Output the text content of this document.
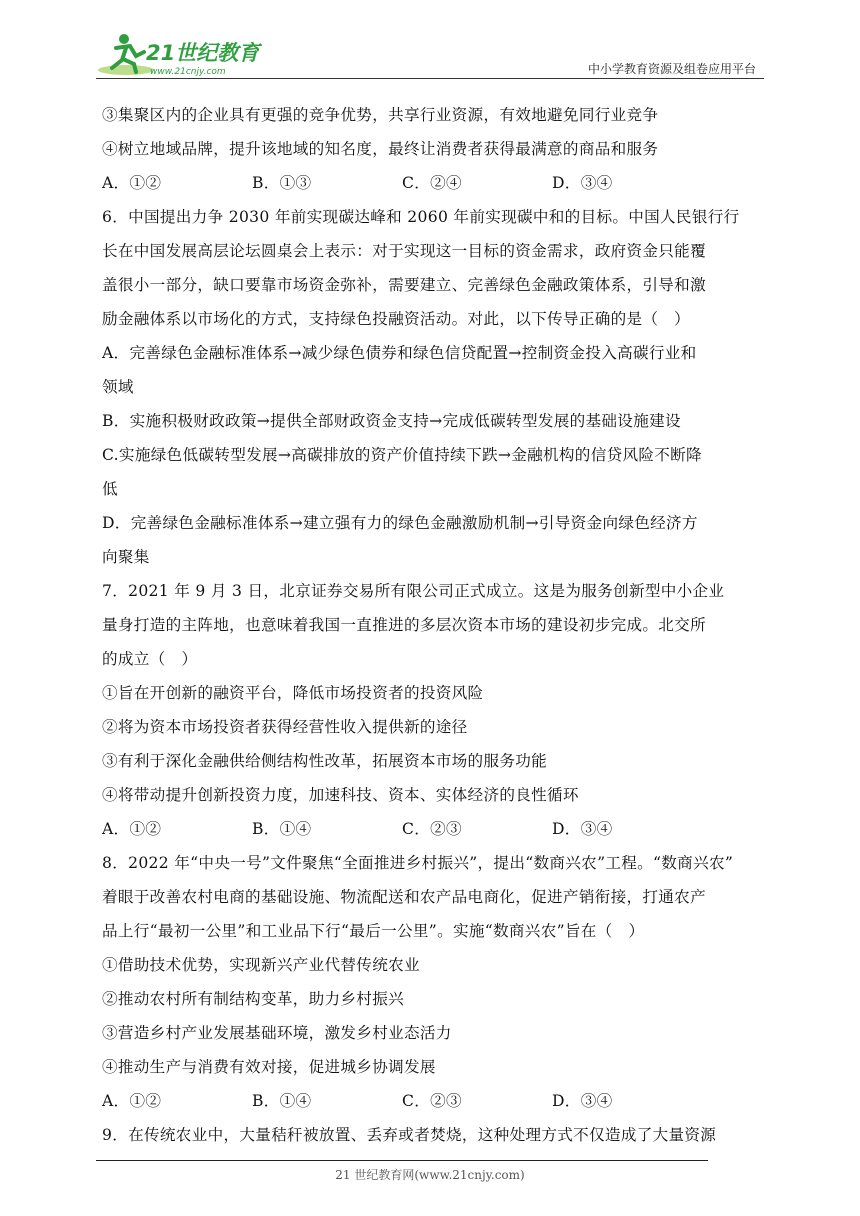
21世纪教育
www.21cnjy.com	中小学教育资源及组卷应用平台
③集聚区内的企业具有更强的竞争优势，共享行业资源，有效地避免同行业竞争
④树立地域品牌，提升该地域的知名度，最终让消费者获得最满意的商品和服务
A．①②	B．①③	C．②④	D．③④
6．中国提出力争 2030 年前实现碳达峰和 2060 年前实现碳中和的目标。中国人民银行行
长在中国发展高层论坛圆桌会上表示：对于实现这一目标的资金需求，政府资金只能覆
盖很小一部分，缺口要靠市场资金弥补，需要建立、完善绿色金融政策体系，引导和激
励金融体系以市场化的方式，支持绿色投融资活动。对此，以下传导正确的是（　）
A．完善绿色金融标准体系→减少绿色债券和绿色信贷配置→控制资金投入高碳行业和
领域
B．实施积极财政政策→提供全部财政资金支持→完成低碳转型发展的基础设施建设
C.实施绿色低碳转型发展→高碳排放的资产价值持续下跌→金融机构的信贷风险不断降
低
D．完善绿色金融标准体系→建立强有力的绿色金融激励机制→引导资金向绿色经济方
向聚集
7．2021 年 9 月 3 日，北京证券交易所有限公司正式成立。这是为服务创新型中小企业
量身打造的主阵地，也意味着我国一直推进的多层次资本市场的建设初步完成。北交所
的成立（　）
①旨在开创新的融资平台，降低市场投资者的投资风险
②将为资本市场投资者获得经营性收入提供新的途径
③有利于深化金融供给侧结构性改革，拓展资本市场的服务功能
④将带动提升创新投资力度，加速科技、资本、实体经济的良性循环
A．①②	B．①④	C．②③	D．③④
8．2022 年“中央一号”文件聚焦“全面推进乡村振兴”，提出“数商兴农”工程。“数商兴农”
着眼于改善农村电商的基础设施、物流配送和农产品电商化，促进产销衔接，打通农产
品上行“最初一公里”和工业品下行“最后一公里”。实施“数商兴农”旨在（　）
①借助技术优势，实现新兴产业代替传统农业
②推动农村所有制结构变革，助力乡村振兴
③营造乡村产业发展基础环境，激发乡村业态活力
④推动生产与消费有效对接，促进城乡协调发展
A．①②	B．①④	C．②③	D．③④
9．在传统农业中，大量秸秆被放置、丢弃或者焚烧，这种处理方式不仅造成了大量资源
21 世纪教育网(www.21cnjy.com)
